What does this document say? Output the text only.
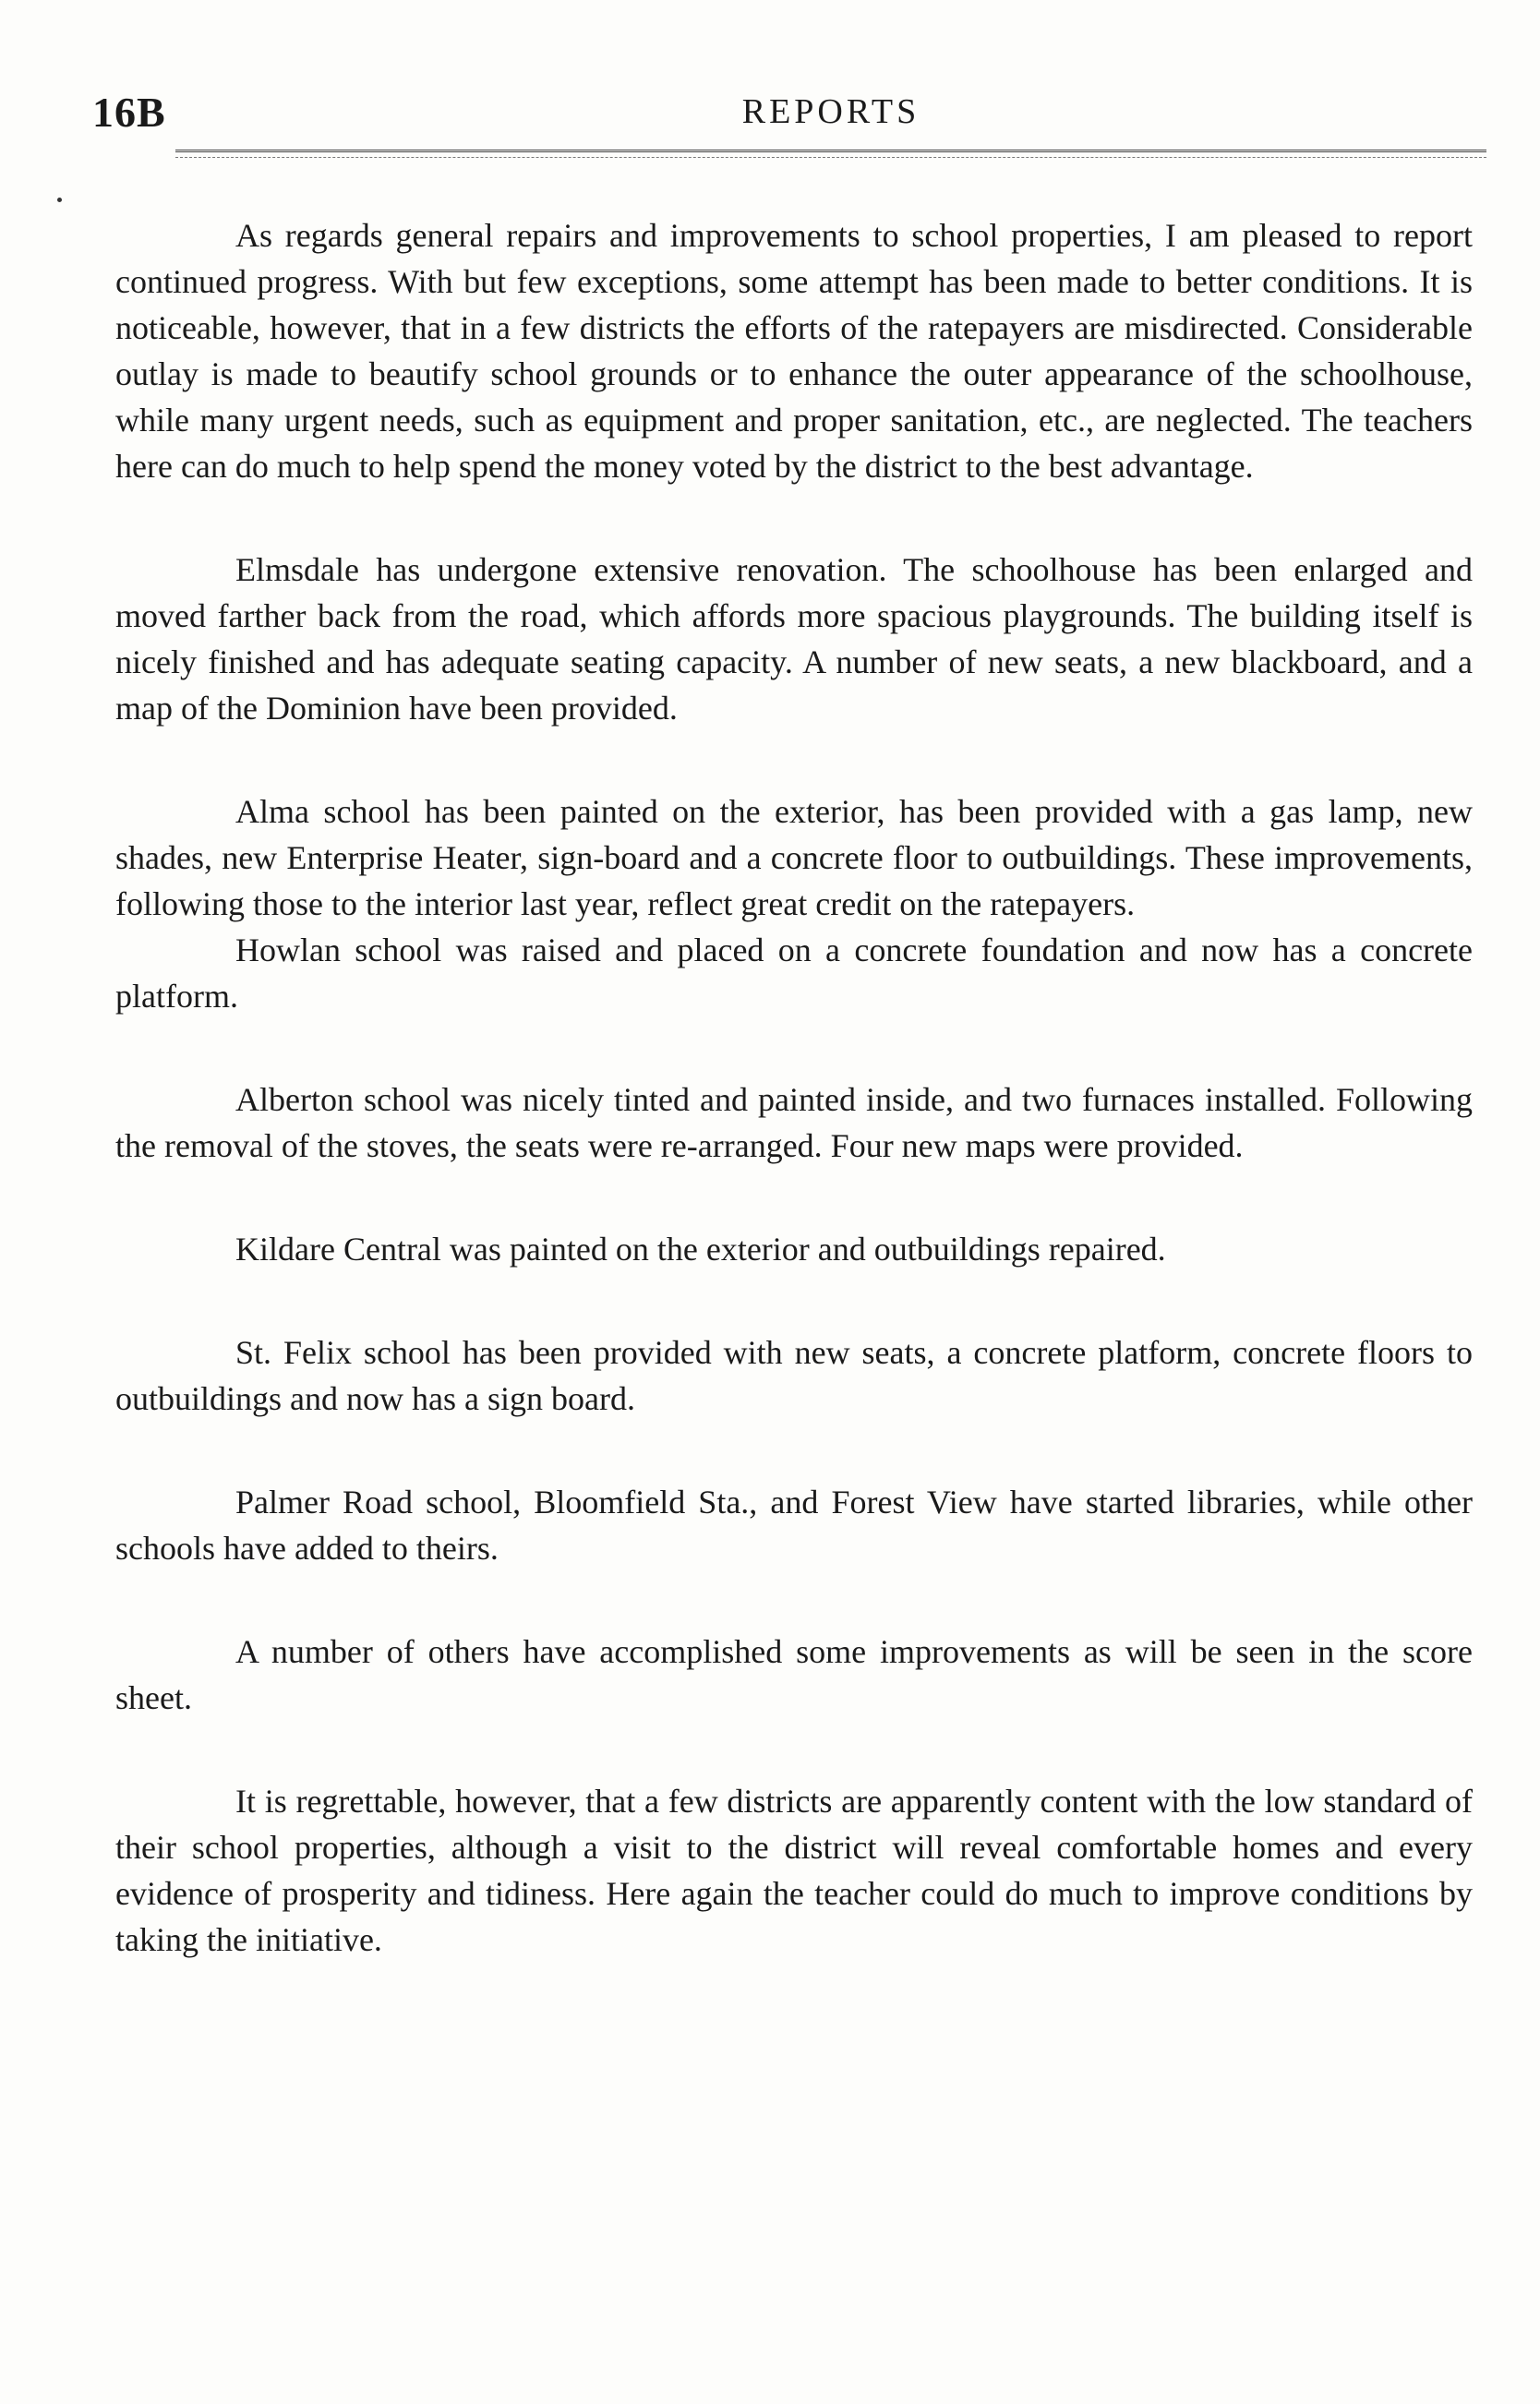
16B	REPORTS

As regards general repairs and improvements to school properties, I am pleased to report continued progress. With but few exceptions, some attempt has been made to better conditions. It is noticeable, however, that in a few districts the efforts of the ratepayers are misdirected. Considerable outlay is made to beautify school grounds or to enhance the outer appearance of the schoolhouse, while many urgent needs, such as equipment and proper sanitation, etc., are neglected. The teachers here can do much to help spend the money voted by the district to the best advantage.

Elmsdale has undergone extensive renovation. The schoolhouse has been enlarged and moved farther back from the road, which affords more spacious playgrounds. The building itself is nicely finished and has adequate seating capacity. A number of new seats, a new blackboard, and a map of the Dominion have been provided.

Alma school has been painted on the exterior, has been provided with a gas lamp, new shades, new Enterprise Heater, sign-board and a concrete floor to outbuildings. These improvements, following those to the interior last year, reflect great credit on the ratepayers.

Howlan school was raised and placed on a concrete foundation and now has a concrete platform.

Alberton school was nicely tinted and painted inside, and two furnaces installed. Following the removal of the stoves, the seats were re-arranged. Four new maps were provided.

Kildare Central was painted on the exterior and outbuildings repaired.

St. Felix school has been provided with new seats, a concrete platform, concrete floors to outbuildings and now has a sign board.

Palmer Road school, Bloomfield Sta., and Forest View have started libraries, while other schools have added to theirs.

A number of others have accomplished some improvements as will be seen in the score sheet.

It is regrettable, however, that a few districts are apparently content with the low standard of their school properties, although a visit to the district will reveal comfortable homes and every evidence of prosperity and tidiness. Here again the teacher could do much to improve conditions by taking the initiative.
